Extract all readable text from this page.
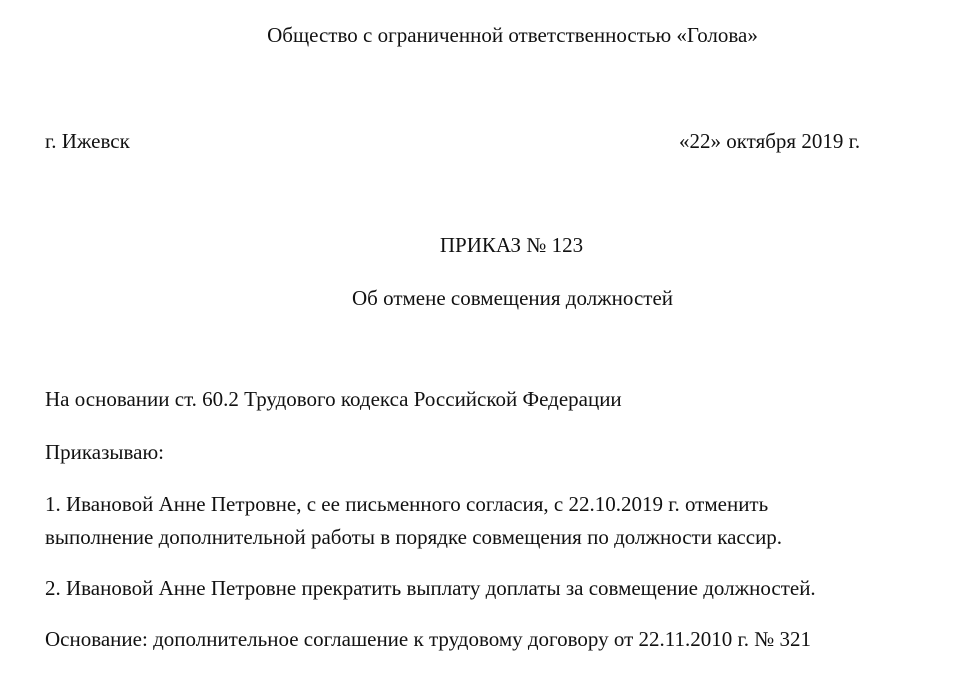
Общество с ограниченной ответственностью «Голова»
г. Ижевск	«22» октября 2019 г.
ПРИКАЗ № 123
Об отмене совмещения должностей
На основании ст. 60.2 Трудового кодекса Российской Федерации
Приказываю:
1. Ивановой Анне Петровне, с ее письменного согласия, с 22.10.2019 г. отменить
выполнение дополнительной работы в порядке совмещения по должности кассир.
2. Ивановой Анне Петровне прекратить выплату доплаты за совмещение должностей.
Основание: дополнительное соглашение к трудовому договору от 22.11.2010 г. № 321
